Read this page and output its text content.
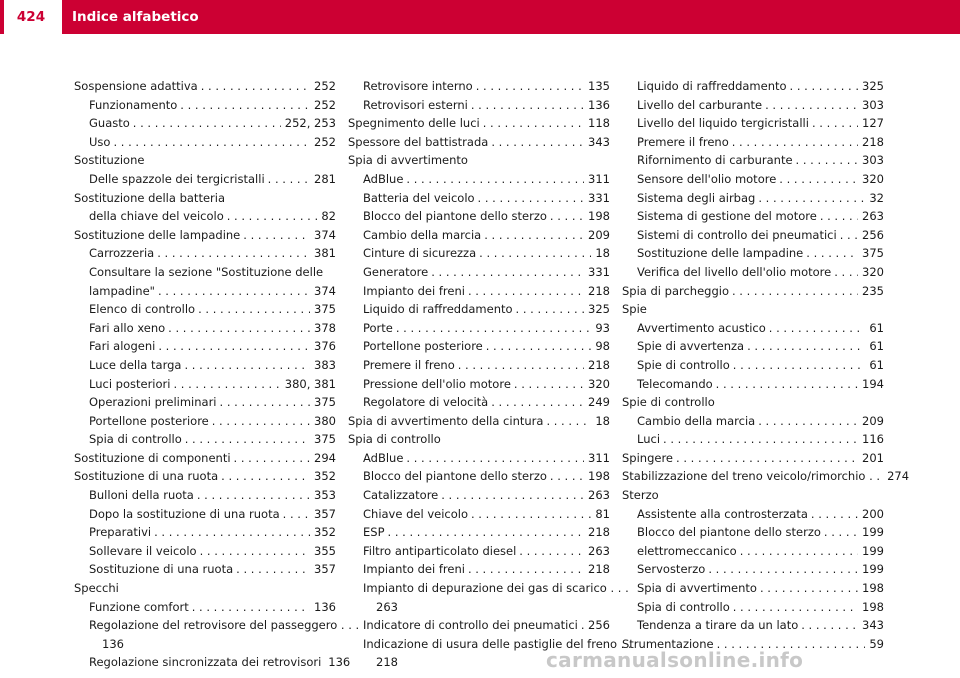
424	Indice alfabetico
Sospensione adattiva . . .	252
Funzionamento . . .	252
Guasto . . .	252, 253
Uso . . .	252
Sostituzione
Delle spazzole dei tergicristalli . . .	281
Sostituzione della batteria
della chiave del veicolo . . .	82
Sostituzione delle lampadine . . .	374
Carrozzeria . . .	381
Consultare la sezione "Sostituzione delle
lampadine" . . .	374
Elenco di controllo . . .	375
Fari allo xeno . . .	378
Fari alogeni . . .	376
Luce della targa . . .	383
Luci posteriori . . .	380, 381
Operazioni preliminari . . .	375
Portellone posteriore . . .	380
Spia di controllo . . .	375
Sostituzione di componenti . . .	294
Sostituzione di una ruota . . .	352
Bulloni della ruota . . .	353
Dopo la sostituzione di una ruota . . .	357
Preparativi . . .	352
Sollevare il veicolo . . .	355
Sostituzione di una ruota . . .	357
Specchi
Funzione comfort . . .	136
Regolazione del retrovisore del passeggero . . .
136
Regolazione sincronizzata dei retrovisori . . . 136
Retrovisore interno . . .	135
Retrovisori esterni . . .	136
Spegnimento delle luci . . .	118
Spessore del battistrada . . .	343
Spia di avvertimento
AdBlue . . .	311
Batteria del veicolo . . .	331
Blocco del piantone dello sterzo . . .	198
Cambio della marcia . . .	209
Cinture di sicurezza . . .	18
Generatore . . .	331
Impianto dei freni . . .	218
Liquido di raffreddamento . . .	325
Porte . . .	93
Portellone posteriore . . .	98
Premere il freno . . .	218
Pressione dell'olio motore . . .	320
Regolatore di velocità . . .	249
Spia di avvertimento della cintura . . .	18
Spia di controllo
AdBlue . . .	311
Blocco del piantone dello sterzo . . .	198
Catalizzatore . . .	263
Chiave del veicolo . . .	81
ESP . . .	218
Filtro antiparticolato diesel . . .	263
Impianto dei freni . . .	218
Impianto di depurazione dei gas di scarico . . .
263
Indicatore di controllo dei pneumatici . . . 256
Indicazione di usura delle pastiglie del freno . .
218
Liquido di raffreddamento . . .	325
Livello del carburante . . .	303
Livello del liquido tergicristalli . . .	127
Premere il freno . . .	218
Rifornimento di carburante . . .	303
Sensore dell'olio motore . . .	320
Sistema degli airbag . . .	32
Sistema di gestione del motore . . .	263
Sistemi di controllo dei pneumatici . . .	256
Sostituzione delle lampadine . . .	375
Verifica del livello dell'olio motore . . .	320
Spia di parcheggio . . .	235
Spie
Avvertimento acustico . . .	61
Spie di avvertenza . . .	61
Spie di controllo . . .	61
Telecomando . . .	194
Spie di controllo
Cambio della marcia . . .	209
Luci . . .	116
Spingere . . .	201
Stabilizzazione del treno veicolo/rimorchio . . . . . 274
Sterzo
Assistente alla controsterzata . . .	200
Blocco del piantone dello sterzo . . .	199
elettromeccanico . . .	199
Servosterzo . . .	199
Spia di avvertimento . . .	198
Spia di controllo . . .	198
Tendenza a tirare da un lato . . .	343
Strumentazione . . .	59
carmanualsonline.info
